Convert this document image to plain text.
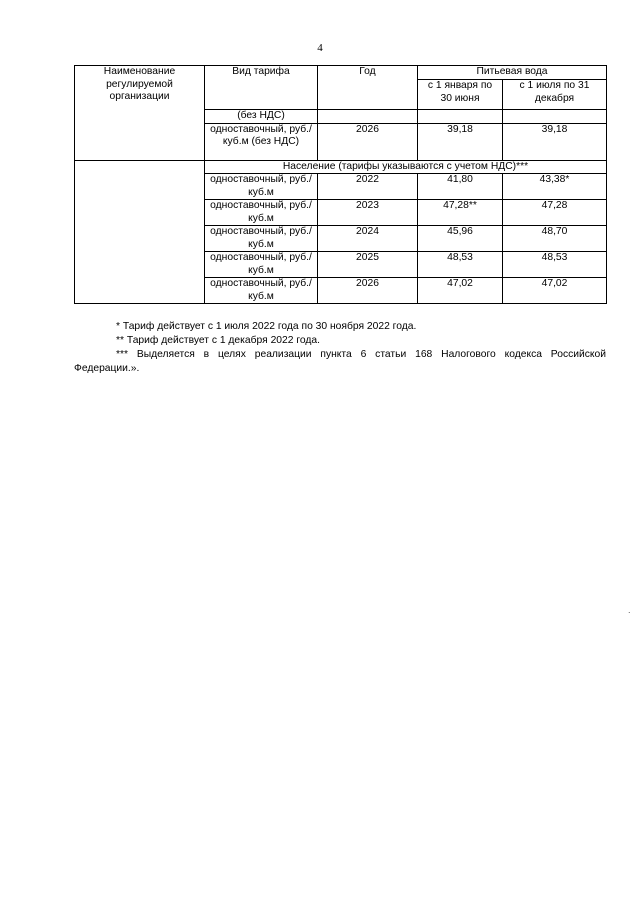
4
Наименование регулируемой организации	Вид тарифа	Год	Питьевая вода	
			с 1 января по 30 июня	с 1 июля по 31 декабря
	(без НДС)			
	одноставочный, руб./куб.м (без НДС)	2026	39,18	39,18
	Население (тарифы указываются с учетом НДС)***			
	одноставочный, руб./куб.м	2022	41,80	43,38*
	одноставочный, руб./куб.м	2023	47,28**	47,28
	одноставочный, руб./куб.м	2024	45,96	48,70
	одноставочный, руб./куб.м	2025	48,53	48,53
	одноставочный, руб./куб.м	2026	47,02	47,02

* Тариф действует с 1 июля 2022 года по 30 ноября 2022 года.

** Тариф действует с 1 декабря 2022 года.

*** Выделяется в целях реализации пункта 6 статьи 168 Налогового кодекса Российской

Федерации.».

.
